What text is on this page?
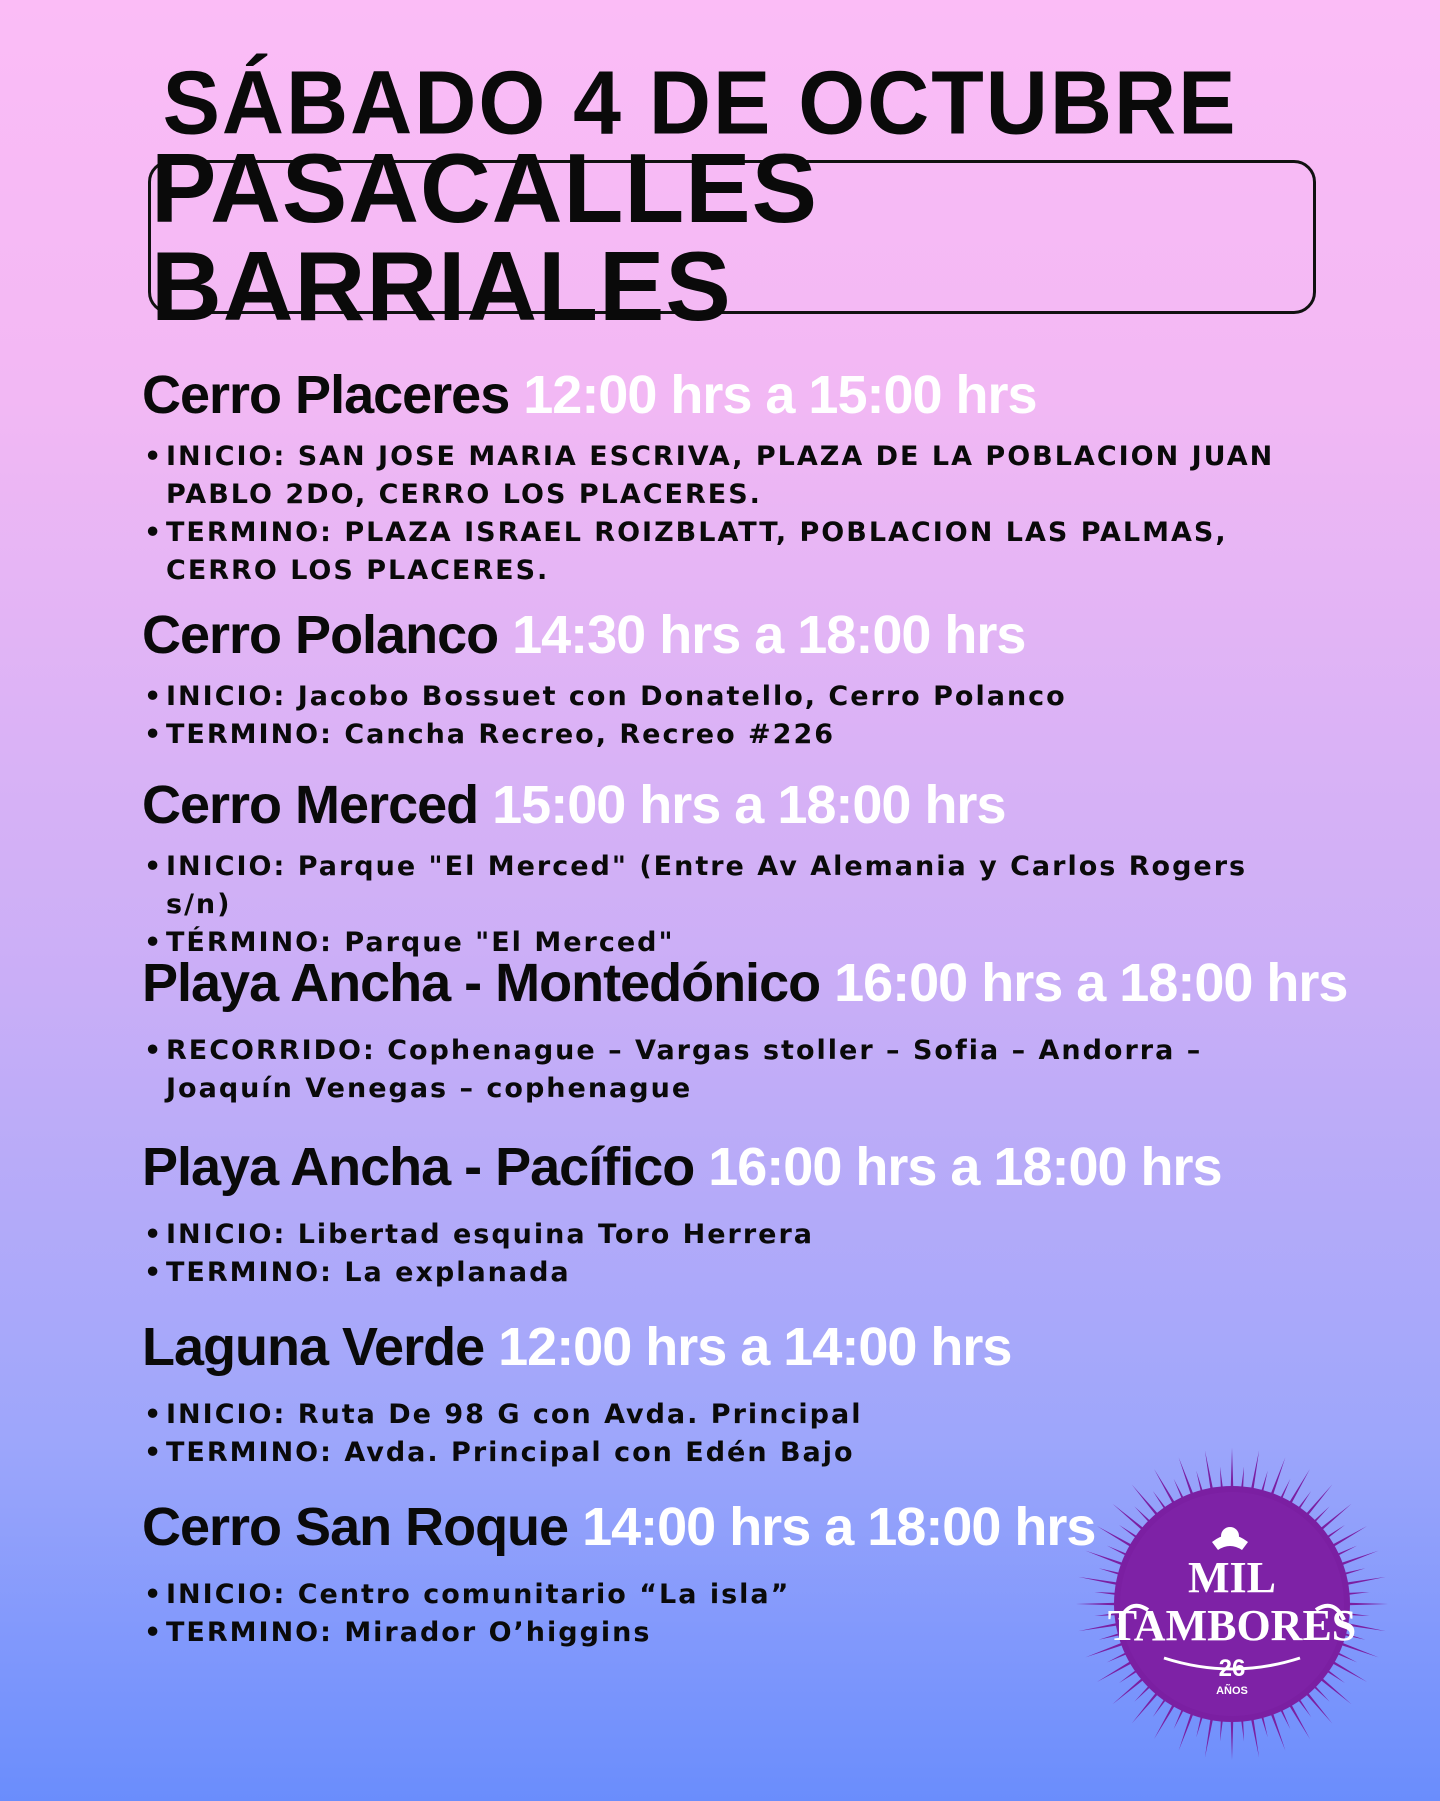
SÁBADO 4 DE OCTUBRE
PASACALLES BARRIALES
Cerro Placeres 12:00 hrs a 15:00 hrs
• INICIO: SAN JOSE MARIA ESCRIVA, PLAZA DE LA POBLACION JUAN PABLO 2DO, CERRO LOS PLACERES.
• TERMINO: PLAZA ISRAEL ROIZBLATT, POBLACION LAS PALMAS, CERRO LOS PLACERES.
Cerro Polanco 14:30 hrs a 18:00 hrs
• INICIO: Jacobo Bossuet con Donatello, Cerro Polanco
• TERMINO: Cancha Recreo, Recreo #226
Cerro Merced 15:00 hrs a 18:00 hrs
• INICIO: Parque "El Merced" (Entre Av Alemania y Carlos Rogers s/n)
• TÉRMINO: Parque "El Merced"
Playa Ancha - Montedónico 16:00 hrs a 18:00 hrs
• RECORRIDO: Cophenague – Vargas stoller – Sofia – Andorra – Joaquín Venegas – cophenague
Playa Ancha - Pacífico 16:00 hrs a 18:00 hrs
• INICIO: Libertad esquina Toro Herrera
• TERMINO: La explanada
Laguna Verde 12:00 hrs a 14:00 hrs
• INICIO: Ruta De 98 G con Avda. Principal
• TERMINO: Avda. Principal con Edén Bajo
Cerro San Roque 14:00 hrs a 18:00 hrs
• INICIO: Centro comunitario “La isla”
• TERMINO: Mirador O’higgins
MIL
TAMBORES
26
AÑOS
